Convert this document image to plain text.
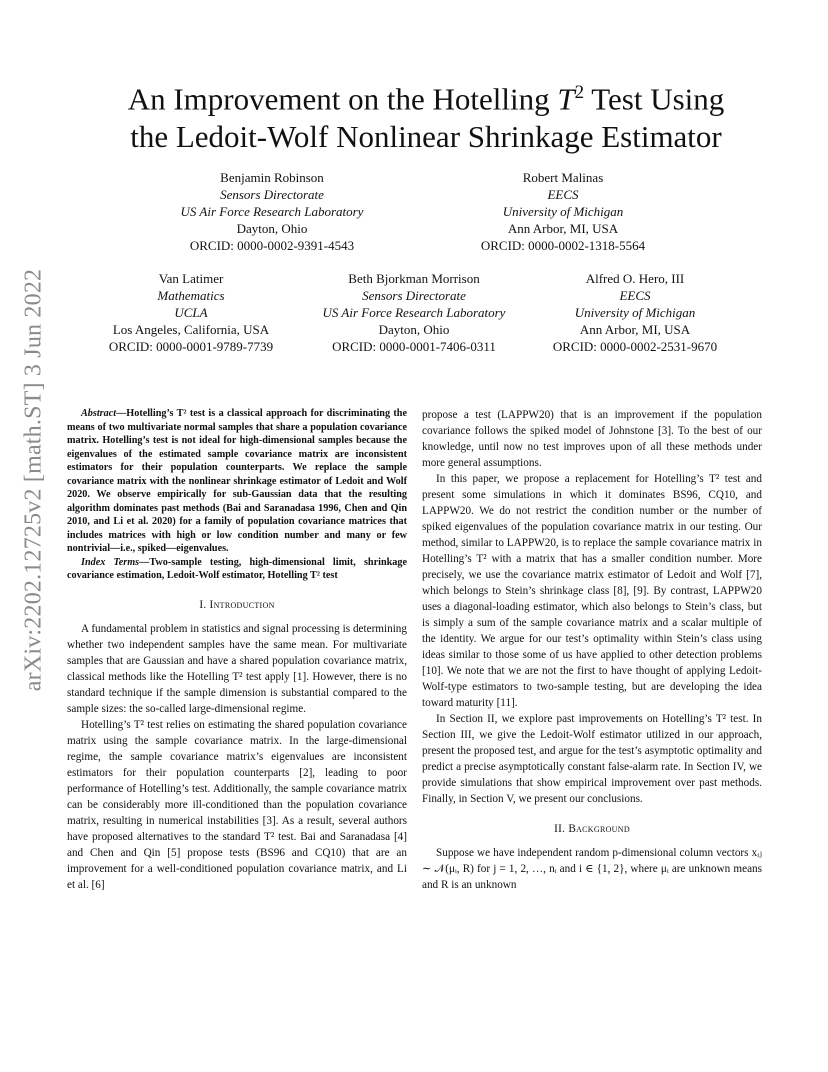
arXiv:2202.12725v2 [math.ST] 3 Jun 2022
An Improvement on the Hotelling $T^2$ Test Using
the Ledoit-Wolf Nonlinear Shrinkage Estimator
Benjamin Robinson
Sensors Directorate
US Air Force Research Laboratory
Dayton, Ohio
ORCID: 0000-0002-9391-4543
Robert Malinas
EECS
University of Michigan
Ann Arbor, MI, USA
ORCID: 0000-0002-1318-5564
Van Latimer
Mathematics
UCLA
Los Angeles, California, USA
ORCID: 0000-0001-9789-7739
Beth Bjorkman Morrison
Sensors Directorate
US Air Force Research Laboratory
Dayton, Ohio
ORCID: 0000-0001-7406-0311
Alfred O. Hero, III
EECS
University of Michigan
Ann Arbor, MI, USA
ORCID: 0000-0002-2531-9670

Abstract—Hotelling’s T² test is a classical approach for discriminating the means of two multivariate normal samples that share a population covariance matrix. Hotelling’s test is not ideal for high-dimensional samples because the eigenvalues of the estimated sample covariance matrix are inconsistent estimators for their population counterparts. We replace the sample covariance matrix with the nonlinear shrinkage estimator of Ledoit and Wolf 2020. We observe empirically for sub-Gaussian data that the resulting algorithm dominates past methods (Bai and Saranadasa 1996, Chen and Qin 2010, and Li et al. 2020) for a family of population covariance matrices that includes matrices with high or low condition number and many or few nontrivial—i.e., spiked—eigenvalues.

Index Terms—Two-sample testing, high-dimensional limit, shrinkage covariance estimation, Ledoit-Wolf estimator, Hotelling T² test

I. Introduction

A fundamental problem in statistics and signal processing is determining whether two independent samples have the same mean. For multivariate samples that are Gaussian and have a shared population covariance matrix, classical methods like the Hotelling T² test apply [1]. However, there is no standard technique if the sample dimension is substantial compared to the sample sizes: the so-called large-dimensional regime.

Hotelling’s T² test relies on estimating the shared population covariance matrix using the sample covariance matrix. In the large-dimensional regime, the sample covariance matrix’s eigenvalues are inconsistent estimators for their population counterparts [2], leading to poor performance of Hotelling’s test. Additionally, the sample covariance matrix can be considerably more ill-conditioned than the population covariance matrix, resulting in numerical instabilities [3]. As a result, several authors have proposed alternatives to the standard T² test. Bai and Saranadasa [4] and Chen and Qin [5] propose tests (BS96 and CQ10) that are an improvement for a well-conditioned population covariance matrix, and Li et al. [6]

propose a test (LAPPW20) that is an improvement if the population covariance follows the spiked model of Johnstone [3]. To the best of our knowledge, until now no test improves upon of all these methods under more general assumptions.

In this paper, we propose a replacement for Hotelling’s T² test and present some simulations in which it dominates BS96, CQ10, and LAPPW20. We do not restrict the condition number or the number of spiked eigenvalues of the population covariance matrix in our testing. Our method, similar to LAPPW20, is to replace the sample covariance matrix in Hotelling’s T² with a matrix that has a smaller condition number. More precisely, we use the covariance matrix estimator of Ledoit and Wolf [7], which belongs to Stein’s shrinkage class [8], [9]. By contrast, LAPPW20 uses a diagonal-loading estimator, which also belongs to Stein’s class, but is simply a sum of the sample covariance matrix and a scalar multiple of the identity. We argue for our test’s optimality within Stein’s class using ideas similar to those some of us have applied to other detection problems [10]. We note that we are not the first to have thought of applying Ledoit-Wolf-type estimators to two-sample testing, but are developing the idea toward maturity [11].

In Section II, we explore past improvements on Hotelling’s T² test. In Section III, we give the Ledoit-Wolf estimator utilized in our approach, present the proposed test, and argue for the test’s asymptotic optimality and predict a precise asymptotically constant false-alarm rate. In Section IV, we provide simulations that show empirical improvement over past methods. Finally, in Section V, we present our conclusions.

II. Background

Suppose we have independent random p-dimensional column vectors xᵢⱼ ∼ 𝒩(μᵢ, R) for j = 1, 2, …, nᵢ and i ∈ {1, 2}, where μᵢ are unknown means and R is an unknown
